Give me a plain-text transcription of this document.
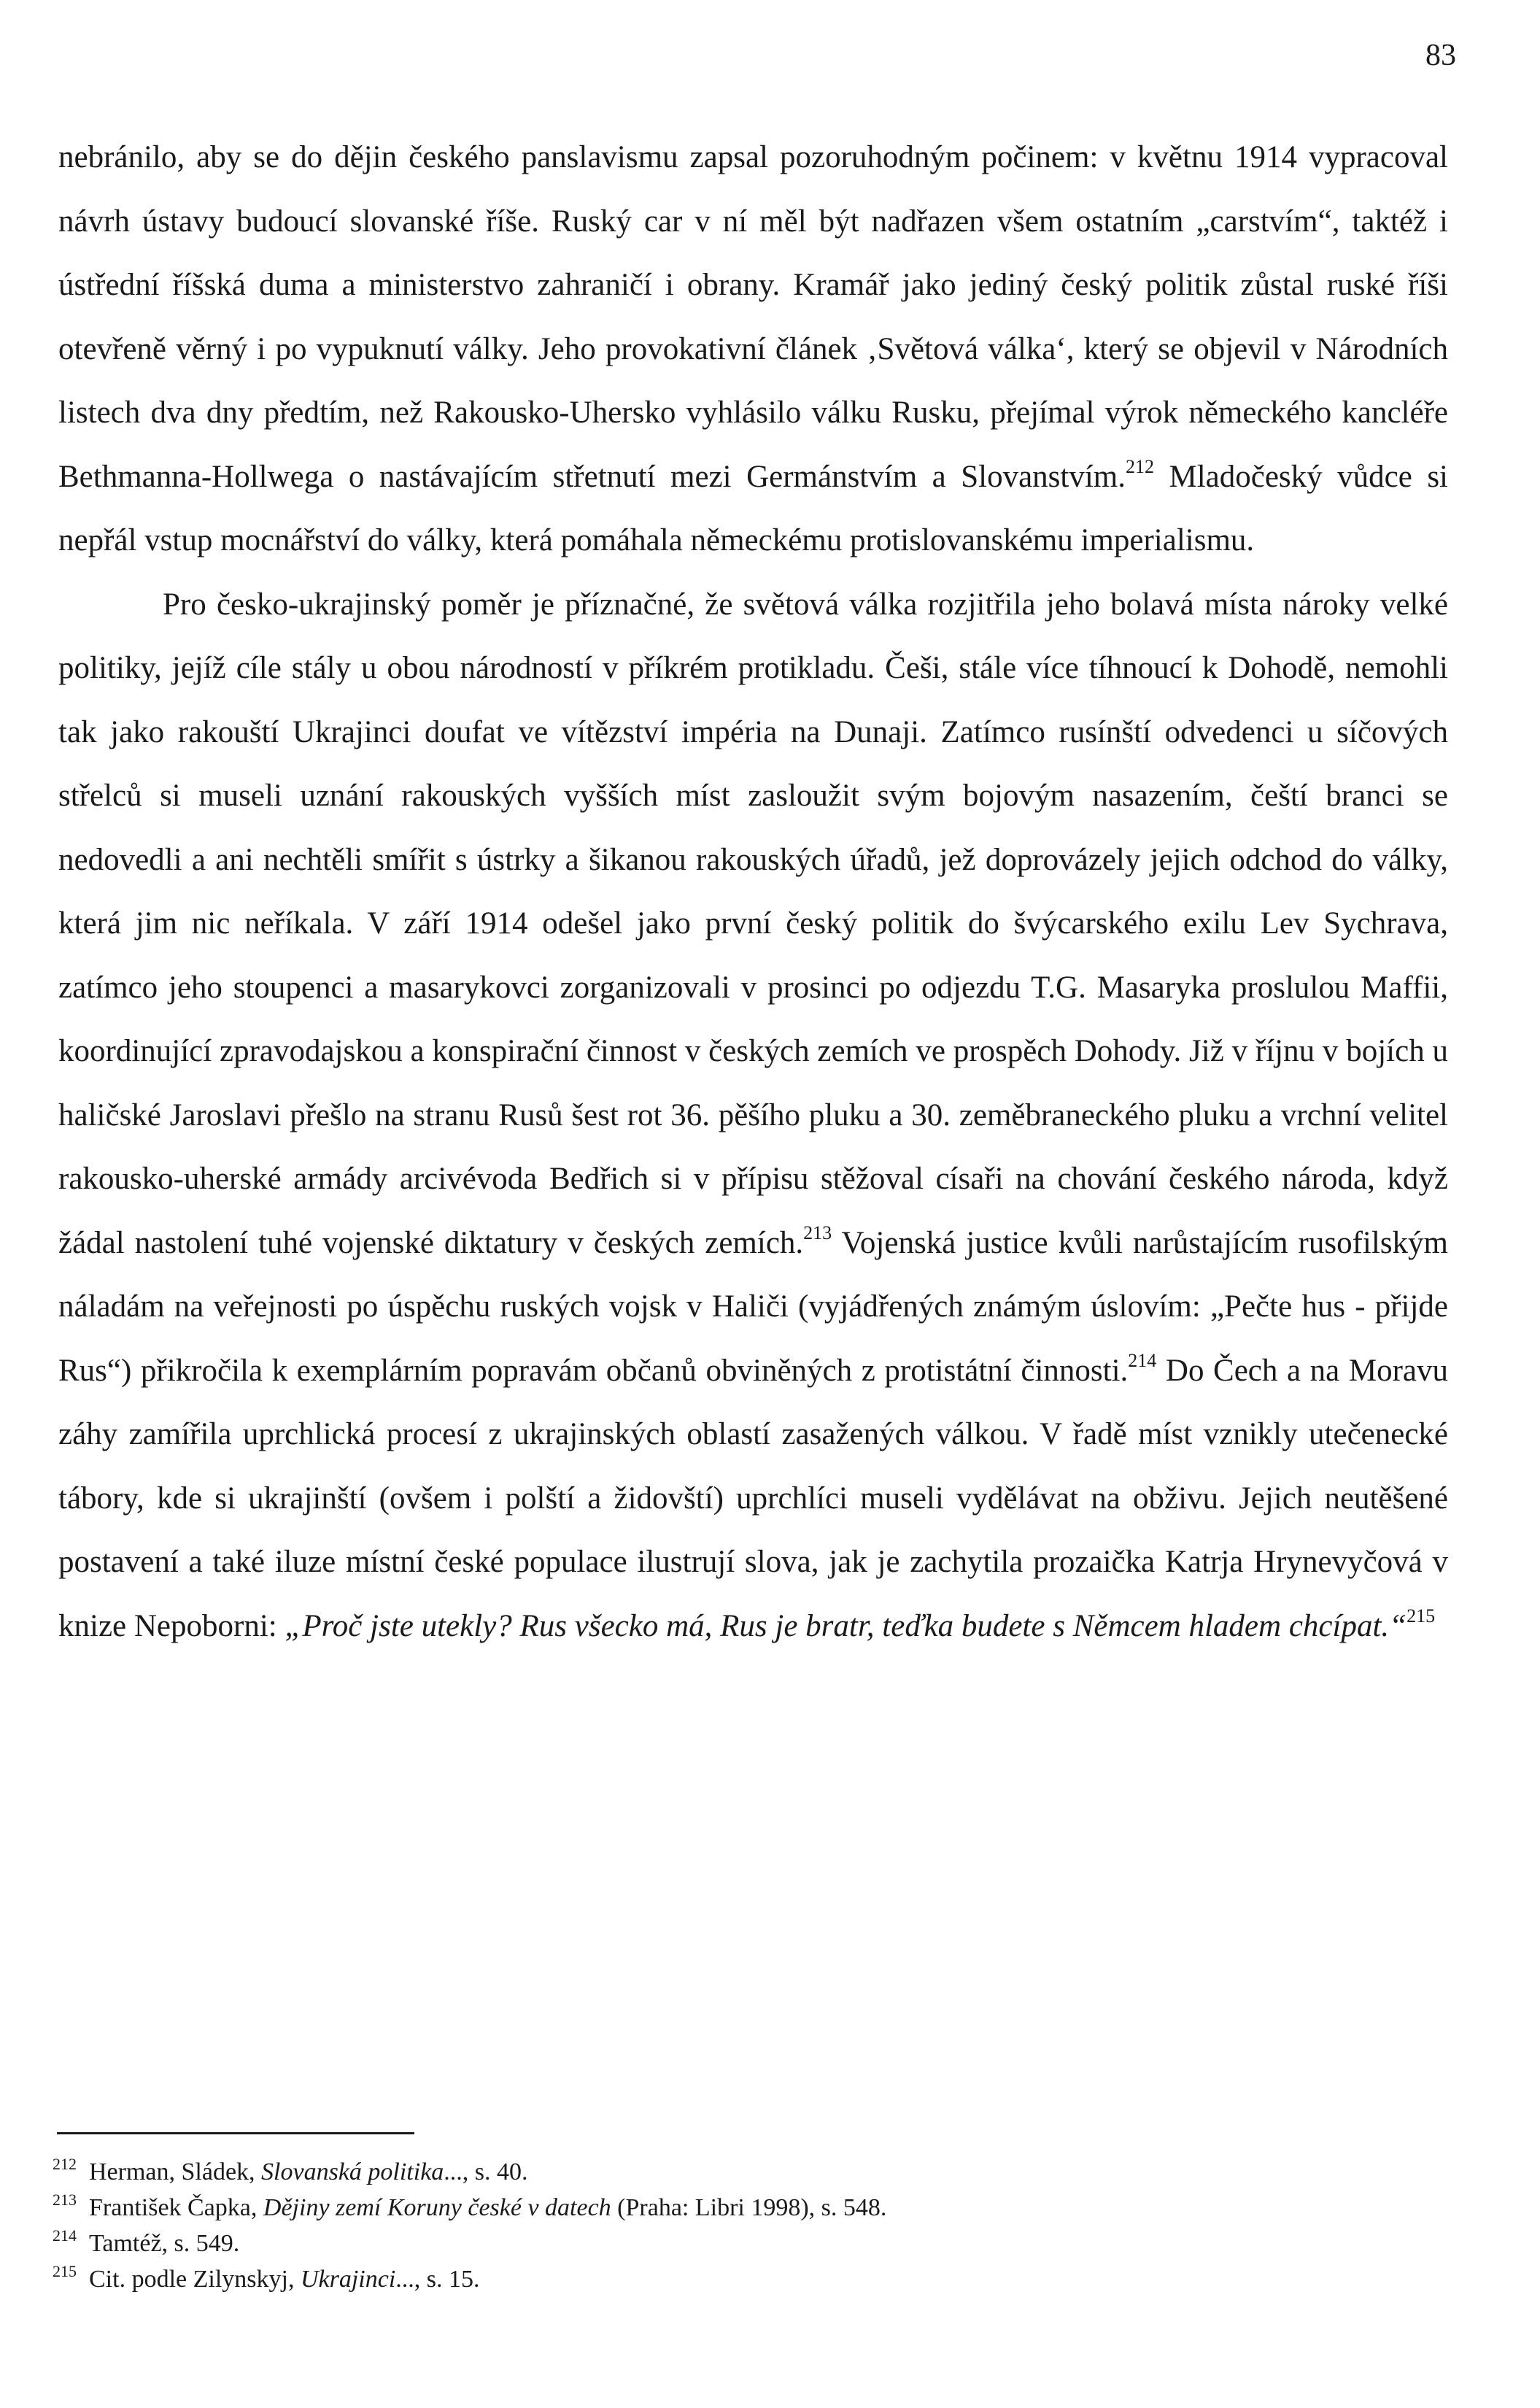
83

nebránilo, aby se do dějin českého panslavismu zapsal pozoruhodným počinem: v květnu 1914 vypracoval návrh ústavy budoucí slovanské říše. Ruský car v ní měl být nadřazen všem ostatním „carstvím“, taktéž i ústřední říšská duma a ministerstvo zahraničí i obrany. Kramář jako jediný český politik zůstal ruské říši otevřeně věrný i po vypuknutí války. Jeho provokativní článek ‚Světová válka‘, který se objevil v Národních listech dva dny předtím, než Rakousko-Uhersko vyhlásilo válku Rusku, přejímal výrok německého kancléře Bethmanna-Hollwega o nastávajícím střetnutí mezi Germánstvím a Slovanstvím.$^{212}$ Mladočeský vůdce si nepřál vstup mocnářství do války, která pomáhala německému protislovanskému imperialismu.

Pro česko-ukrajinský poměr je příznačné, že světová válka rozjitřila jeho bolavá místa nároky velké politiky, jejíž cíle stály u obou národností v příkrém protikladu. Češi, stále více tíhnoucí k Dohodě, nemohli tak jako rakouští Ukrajinci doufat ve vítězství impéria na Dunaji. Zatímco rusínští odvedenci u síčových střelců si museli uznání rakouských vyšších míst zasloužit svým bojovým nasazením, čeští branci se nedovedli a ani nechtěli smířit s ústrky a šikanou rakouských úřadů, jež doprovázely jejich odchod do války, která jim nic neříkala. V září 1914 odešel jako první český politik do švýcarského exilu Lev Sychrava, zatímco jeho stoupenci a masarykovci zorganizovali v prosinci po odjezdu T.G. Masaryka proslulou Maffii, koordinující zpravodajskou a konspirační činnost v českých zemích ve prospěch Dohody. Již v říjnu v bojích u haličské Jaroslavi přešlo na stranu Rusů šest rot 36. pěšího pluku a 30. zeměbraneckého pluku a vrchní velitel rakousko-uherské armády arcivévoda Bedřich si v přípisu stěžoval císaři na chování českého národa, když žádal nastolení tuhé vojenské diktatury v českých zemích.$^{213}$ Vojenská justice kvůli narůstajícím rusofilským náladám na veřejnosti po úspěchu ruských vojsk v Haliči (vyjádřených známým úslovím: „Pečte hus - přijde Rus“) přikročila k exemplárním popravám občanů obviněných z protistátní činnosti.$^{214}$ Do Čech a na Moravu záhy zamířila uprchlická procesí z ukrajinských oblastí zasažených válkou. V řadě míst vznikly utečenecké tábory, kde si ukrajinští (ovšem i polští a židovští) uprchlíci museli vydělávat na obživu. Jejich neutěšené postavení a také iluze místní české populace ilustrují slova, jak je zachytila prozaička Katrja Hrynevyčová v knize Nepoborni: „Proč jste utekly? Rus všecko má, Rus je bratr, teďka budete s Němcem hladem chcípat.“$^{215}$

212 Herman, Sládek, Slovanská politika..., s. 40.
213 František Čapka, Dějiny zemí Koruny české v datech (Praha: Libri 1998), s. 548.
214 Tamtéž, s. 549.
215 Cit. podle Zilynskyj, Ukrajinci..., s. 15.
